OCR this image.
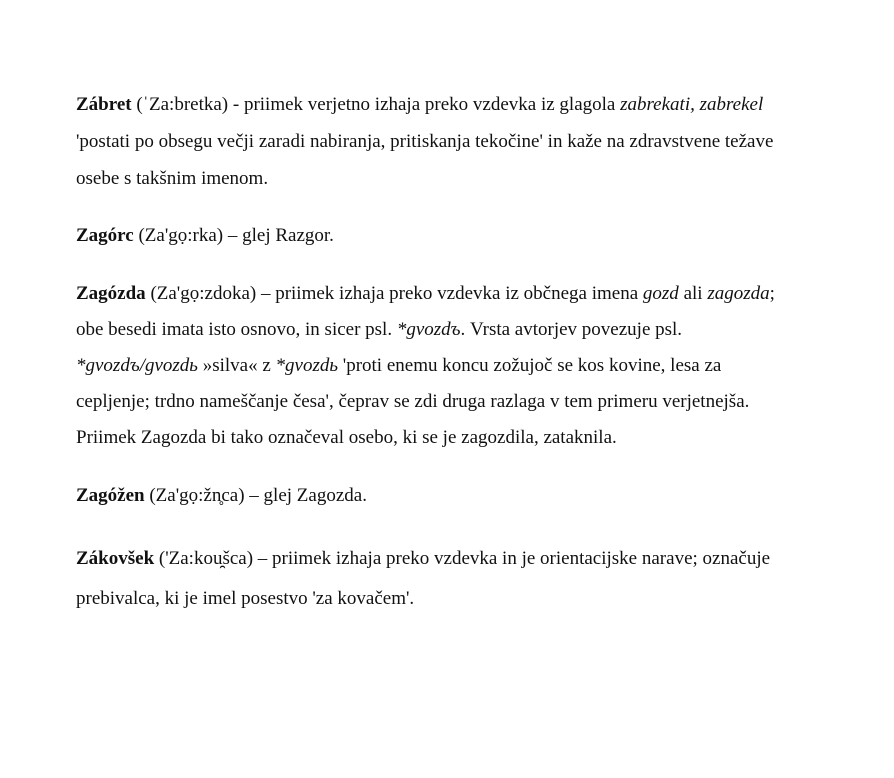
Zábret (ˈZa:bretka) - priimek verjetno izhaja preko vzdevka iz glagola zabrekati, zabrekel
'postati po obsegu večji zaradi nabiranja, pritiskanja tekočine' in kaže na zdravstvene težave
osebe s takšnim imenom.
Zagórc (Za'gọ:rka) – glej Razgor.
Zagózda (Za'gọ:zdoka) – priimek izhaja preko vzdevka iz občnega imena gozd ali zagozda;
obe besedi imata isto osnovo, in sicer psl. *gvozdъ. Vrsta avtorjev povezuje psl.
*gvozdъ/gvozdь »silva« z *gvozdь 'proti enemu koncu zožujoč se kos kovine, lesa za
cepljenje; trdno nameščanje česa', čeprav se zdi druga razlaga v tem primeru verjetnejša.
Priimek Zagozda bi tako označeval osebo, ki se je zagozdila, zataknila.
Zagóžen (Za'gọ:žn̥ca) – glej Zagozda.
Zákovšek ('Za:kou̯šca) – priimek izhaja preko vzdevka in je orientacijske narave; označuje
prebivalca, ki je imel posestvo 'za kovačem'.
